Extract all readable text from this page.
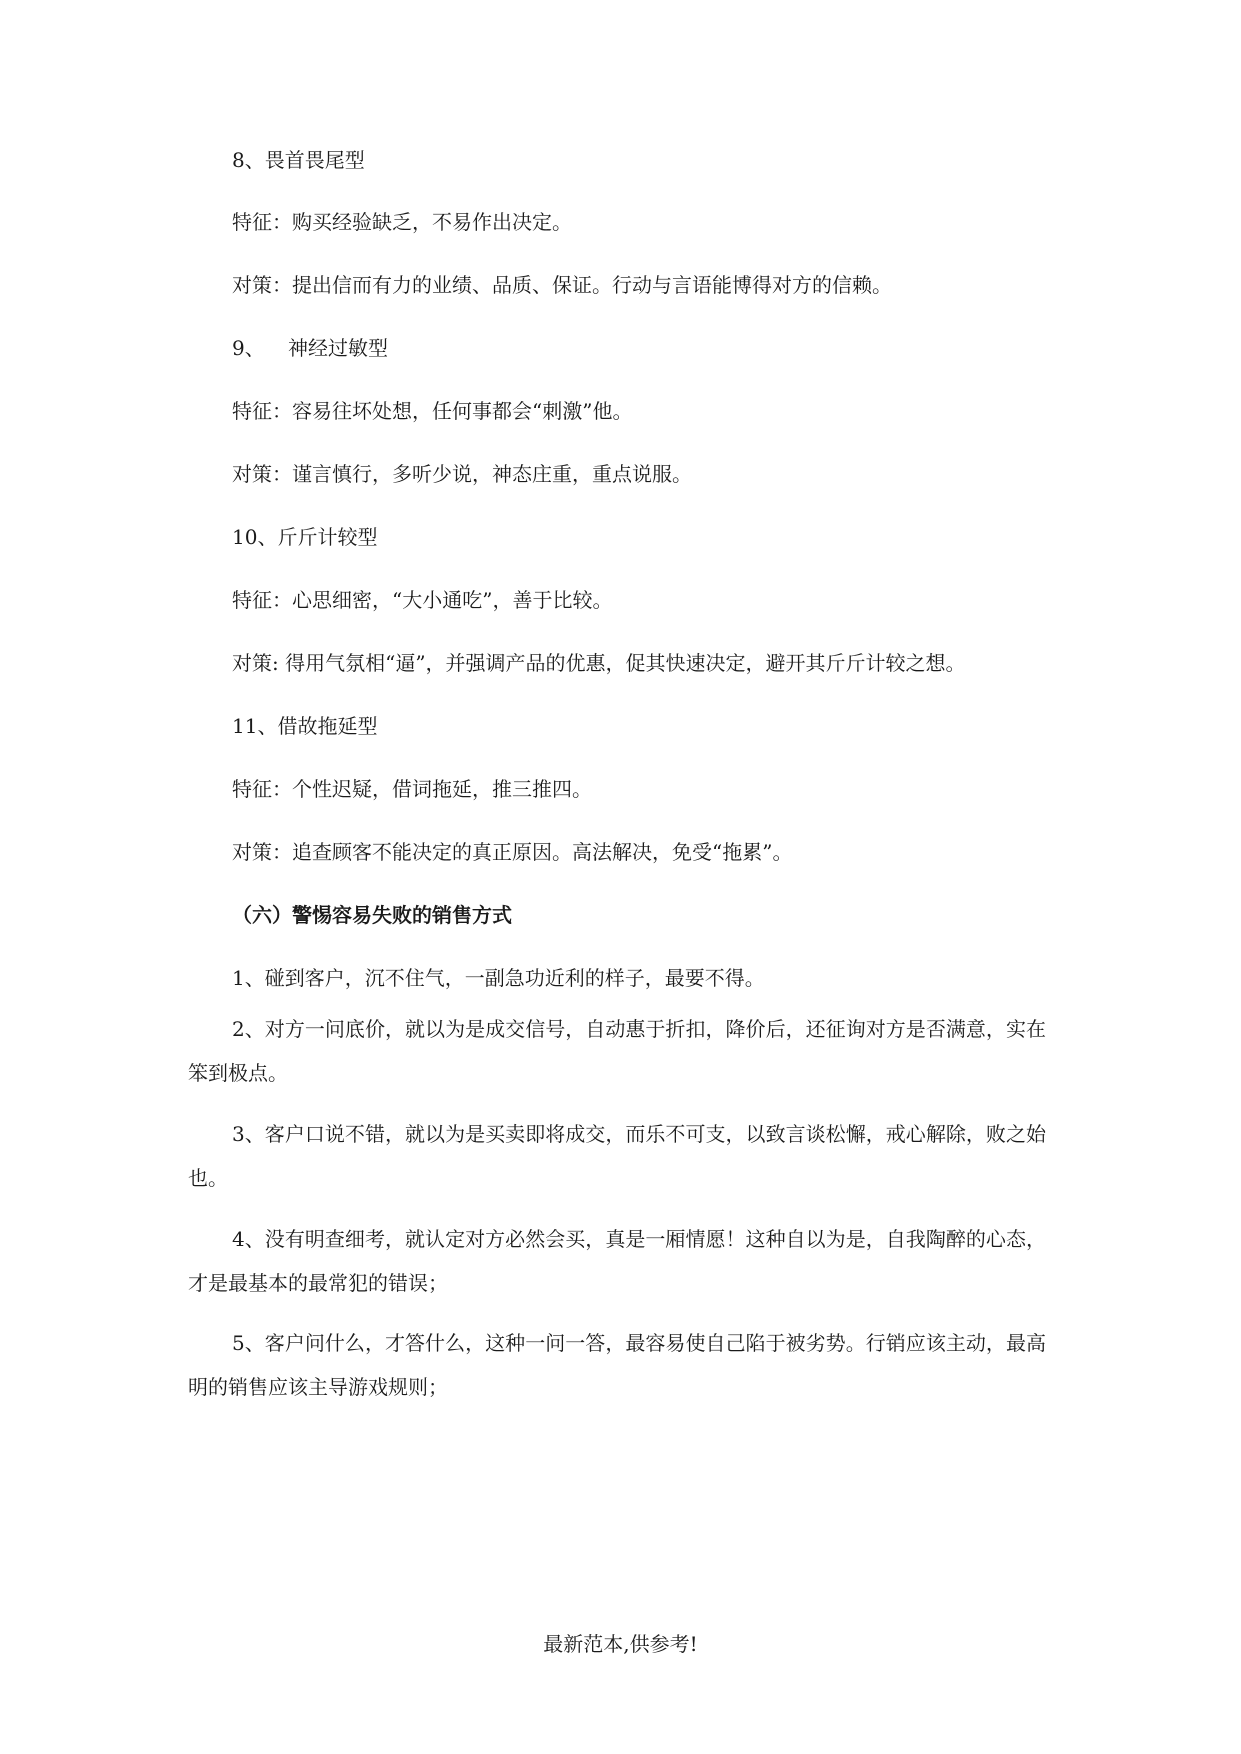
8、畏首畏尾型
特征：购买经验缺乏，不易作出决定。
对策：提出信而有力的业绩、品质、保证。行动与言语能博得对方的信赖。
9、 神经过敏型
特征：容易往坏处想，任何事都会“刺激”他。
对策：谨言慎行，多听少说，神态庄重，重点说服。
10、斤斤计较型
特征：心思细密，“大小通吃”，善于比较。
对策: 得用气氛相“逼”，并强调产品的优惠，促其快速决定，避开其斤斤计较之想。
11、借故拖延型
特征：个性迟疑，借词拖延，推三推四。
对策：追查顾客不能决定的真正原因。高法解决，免受“拖累”。
（六）警惕容易失败的销售方式
1、碰到客户，沉不住气，一副急功近利的样子，最要不得。
2、对方一问底价，就以为是成交信号，自动惠于折扣，降价后，还征询对方是否满意，实在笨到极点。
3、客户口说不错，就以为是买卖即将成交，而乐不可支，以致言谈松懈，戒心解除，败之始也。
4、没有明查细考，就认定对方必然会买，真是一厢情愿！这种自以为是，自我陶醉的心态，才是最基本的最常犯的错误；
5、客户问什么，才答什么，这种一问一答，最容易使自己陷于被劣势。行销应该主动，最高明的销售应该主导游戏规则；
最新范本,供参考!
